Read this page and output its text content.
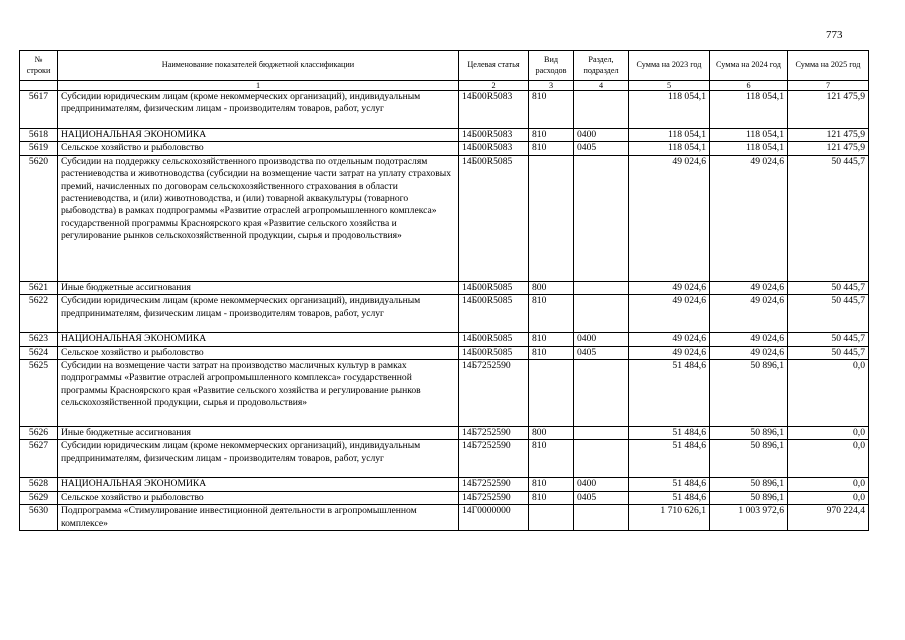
773
№ строки	Наименование показателей бюджетной классификации	Целевая статья	Вид расходов	Раздел, подраздел	Сумма на 2023 год	Сумма на 2024 год	Сумма на 2025 год
	1	2	3	4	5	6	7
5617	Субсидии юридическим лицам (кроме некоммерческих организаций), индивидуальным предпринимателям, физическим лицам - производителям товаров, работ, услуг	14Б00R5083	810		118 054,1	118 054,1	121 475,9
5618	НАЦИОНАЛЬНАЯ ЭКОНОМИКА	14Б00R5083	810	0400	118 054,1	118 054,1	121 475,9
5619	Сельское хозяйство и рыболовство	14Б00R5083	810	0405	118 054,1	118 054,1	121 475,9
5620	Субсидии на поддержку сельскохозяйственного производства по отдельным подотраслям растениеводства и животноводства (субсидии на возмещение части затрат на уплату страховых премий, начисленных по договорам сельскохозяйственного страхования в области растениеводства, и (или) животноводства, и (или) товарной аквакультуры (товарного рыбоводства) в рамках подпрограммы «Развитие отраслей агропромышленного комплекса» государственной программы Красноярского края «Развитие сельского хозяйства и регулирование рынков сельскохозяйственной продукции, сырья и продовольствия»	14Б00R5085			49 024,6	49 024,6	50 445,7
5621	Иные бюджетные ассигнования	14Б00R5085	800		49 024,6	49 024,6	50 445,7
5622	Субсидии юридическим лицам (кроме некоммерческих организаций), индивидуальным предпринимателям, физическим лицам - производителям товаров, работ, услуг	14Б00R5085	810		49 024,6	49 024,6	50 445,7
5623	НАЦИОНАЛЬНАЯ ЭКОНОМИКА	14Б00R5085	810	0400	49 024,6	49 024,6	50 445,7
5624	Сельское хозяйство и рыболовство	14Б00R5085	810	0405	49 024,6	49 024,6	50 445,7
5625	Субсидии на возмещение части затрат на производство масличных культур в рамках подпрограммы «Развитие отраслей агропромышленного комплекса» государственной программы Красноярского края «Развитие сельского хозяйства и регулирование рынков сельскохозяйственной продукции, сырья и продовольствия»	14Б7252590			51 484,6	50 896,1	0,0
5626	Иные бюджетные ассигнования	14Б7252590	800		51 484,6	50 896,1	0,0
5627	Субсидии юридическим лицам (кроме некоммерческих организаций), индивидуальным предпринимателям, физическим лицам - производителям товаров, работ, услуг	14Б7252590	810		51 484,6	50 896,1	0,0
5628	НАЦИОНАЛЬНАЯ ЭКОНОМИКА	14Б7252590	810	0400	51 484,6	50 896,1	0,0
5629	Сельское хозяйство и рыболовство	14Б7252590	810	0405	51 484,6	50 896,1	0,0
5630	Подпрограмма «Стимулирование инвестиционной деятельности в агропромышленном комплексе»	14Г0000000			1 710 626,1	1 003 972,6	970 224,4
